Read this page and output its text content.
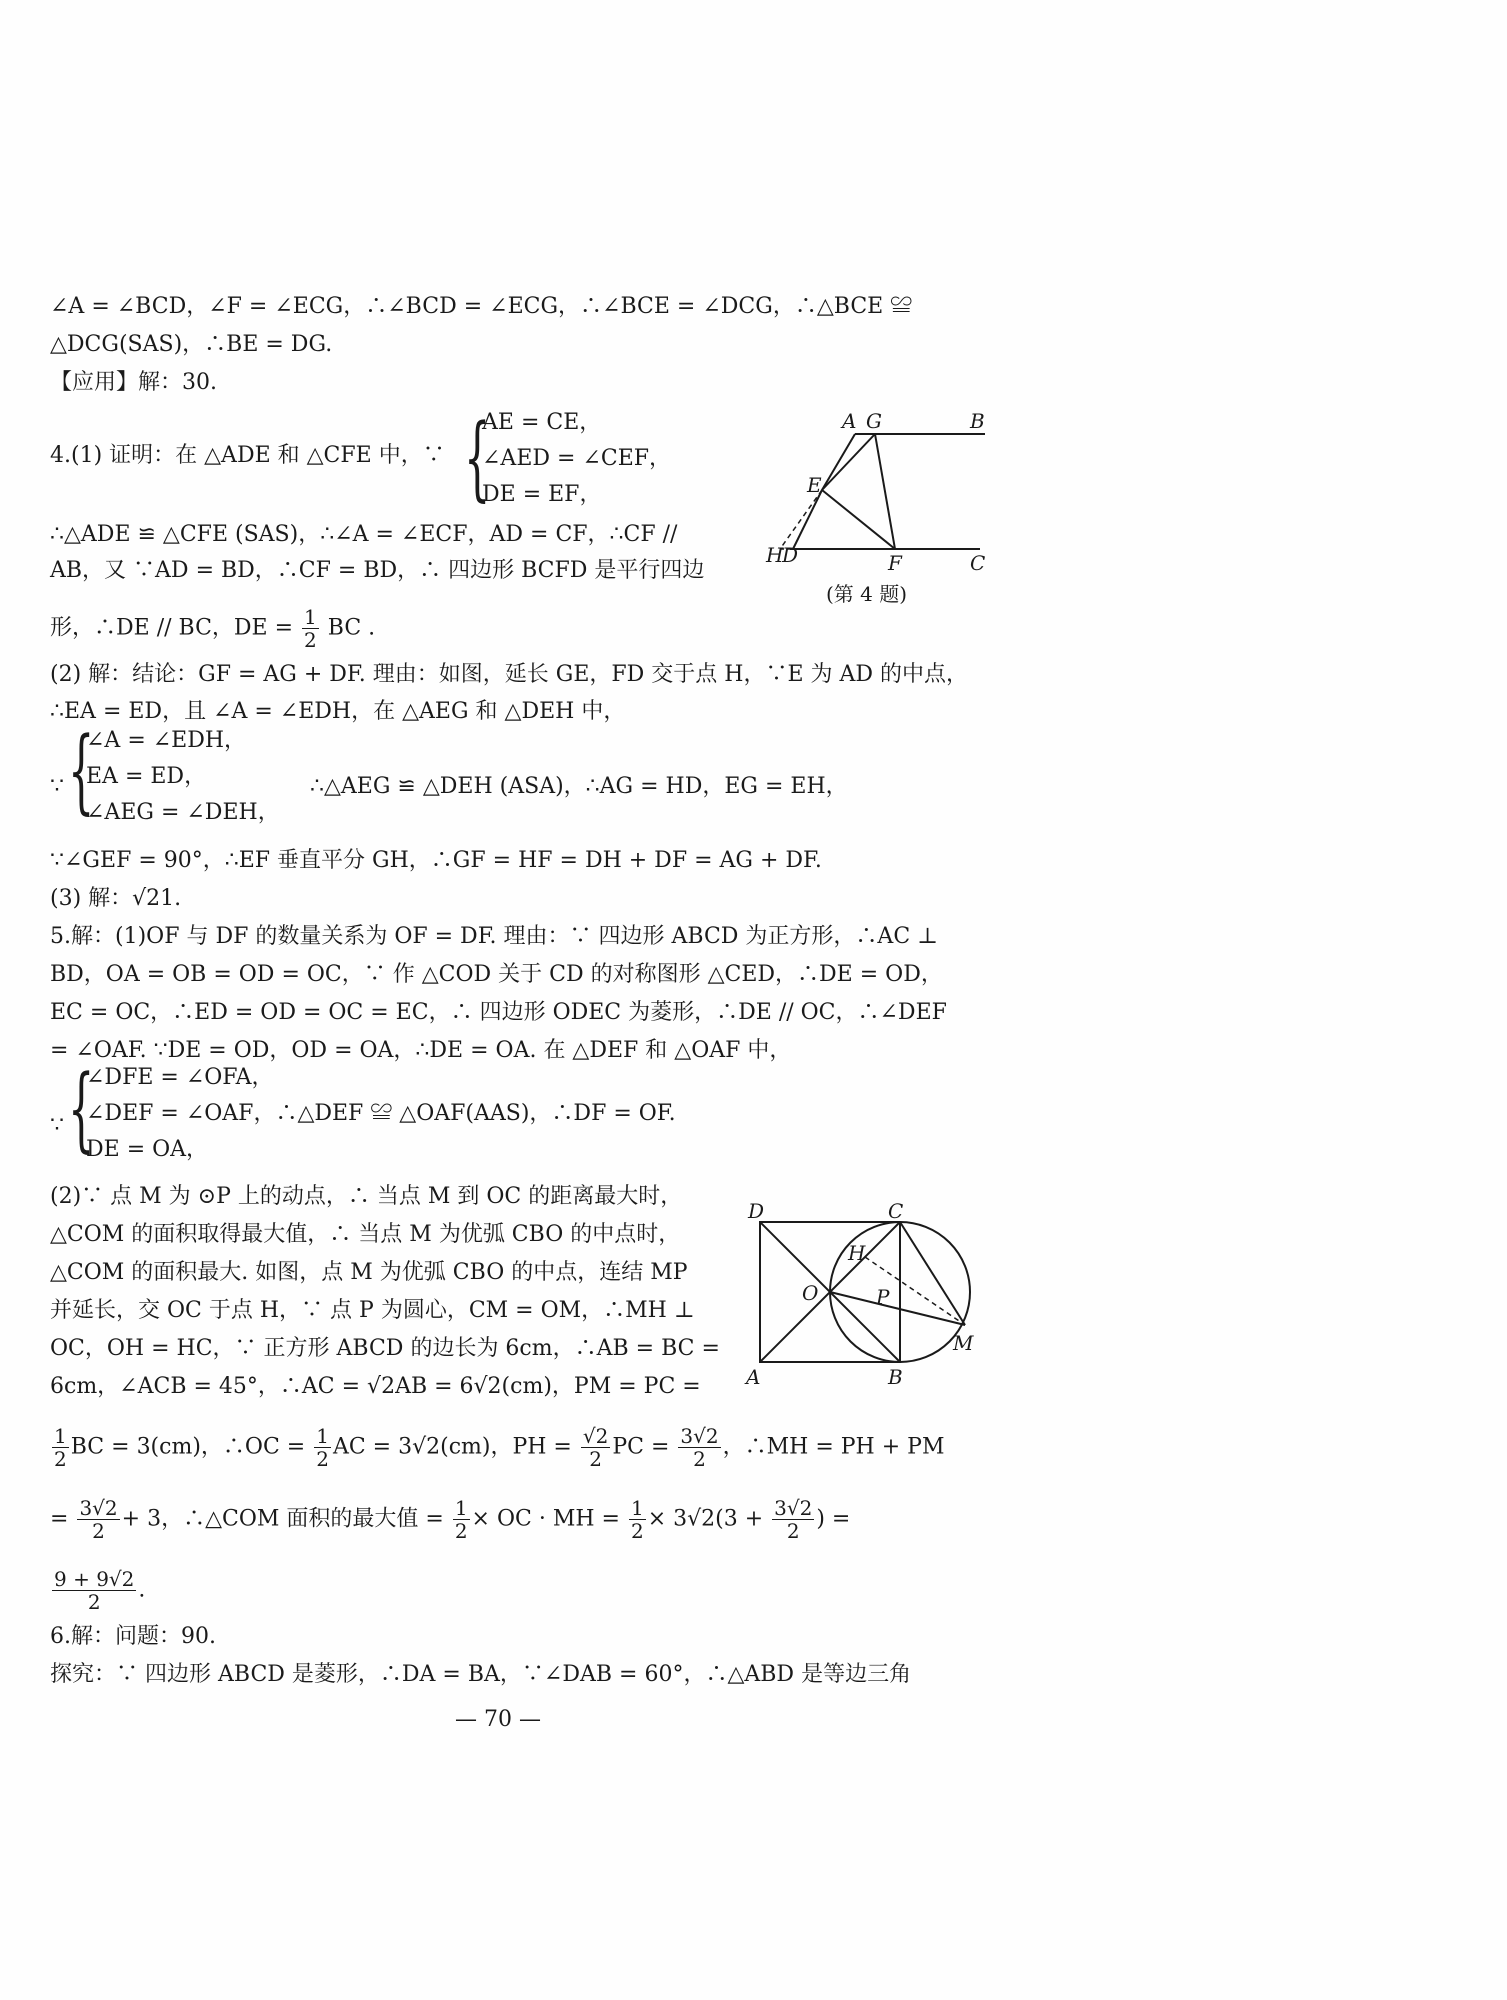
∠A = ∠BCD，∠F = ∠ECG，∴∠BCD = ∠ECG，∴∠BCE = ∠DCG，∴△BCE ≌
△DCG(SAS)，∴BE = DG.
【应用】解：30.
4.(1) 证明：在 △ADE 和 △CFE 中，∵ {
AE = CE，
∠AED = ∠CEF，
DE = EF，
∴△ADE ≌ △CFE (SAS)，∴∠A = ∠ECF，AD = CF，∴CF //
AB，又 ∵AD = BD，∴CF = BD，∴ 四边形 BCFD 是平行四边
形，∴DE // BC，DE = $\frac{1}{2}$ BC .
A G	B
E
H
D	F	C
(第 4 题)
(2) 解：结论：GF = AG + DF. 理由：如图，延长 GE，FD 交于点 H，∵E 为 AD 的中点，
∴EA = ED，且 ∠A = ∠EDH，在 △AEG 和 △DEH 中，
∵ {
∠A = ∠EDH，
EA = ED，
∠AEG = ∠DEH，
∴△AEG ≌ △DEH (ASA)，∴AG = HD，EG = EH，
∵∠GEF = 90°，∴EF 垂直平分 GH，∴GF = HF = DH + DF = AG + DF.
(3) 解：√21.
5.解：(1)OF 与 DF 的数量关系为 OF = DF. 理由：∵ 四边形 ABCD 为正方形，∴AC ⊥
BD，OA = OB = OD = OC，∵ 作 △COD 关于 CD 的对称图形 △CED，∴DE = OD，
EC = OC，∴ED = OD = OC = EC，∴ 四边形 ODEC 为菱形，∴DE // OC，∴∠DEF
= ∠OAF. ∵DE = OD，OD = OA，∴DE = OA. 在 △DEF 和 △OAF 中，
∵ {
∠DFE = ∠OFA，
∠DEF = ∠OAF，∴△DEF ≌ △OAF(AAS)，∴DF = OF.
DE = OA，
(2)∵ 点 M 为 ⊙P 上的动点，∴ 当点 M 到 OC 的距离最大时，
△COM 的面积取得最大值，∴ 当点 M 为优弧 CBO 的中点时，
△COM 的面积最大. 如图，点 M 为优弧 CBO 的中点，连结 MP
并延长，交 OC 于点 H，∵ 点 P 为圆心，CM = OM，∴MH ⊥
OC，OH = HC，∵ 正方形 ABCD 的边长为 6cm，∴AB = BC =
6cm，∠ACB = 45°，∴AC = √2AB = 6√2(cm)，PM = PC =
D	C
H
O	P
M
A	B
$\frac{1}{2}$ BC = 3(cm)，∴OC = $\frac{1}{2}$ AC = 3√2(cm)，PH = $\frac{√2}{2}$ PC = $\frac{3√2}{2}$ ，∴MH = PH + PM
= $\frac{3√2}{2} + 3$，∴△COM 面积的最大值 = $\frac{1}{2}$ × OC · MH = $\frac{1}{2} \times 3√2(3 + \frac{3√2}{2}$ ) =
$\frac{9 + 9√2}{2}$ .
6.解：问题：90.
探究：∵ 四边形 ABCD 是菱形，∴DA = BA，∵∠DAB = 60°，∴△ABD 是等边三角
— 70 —
